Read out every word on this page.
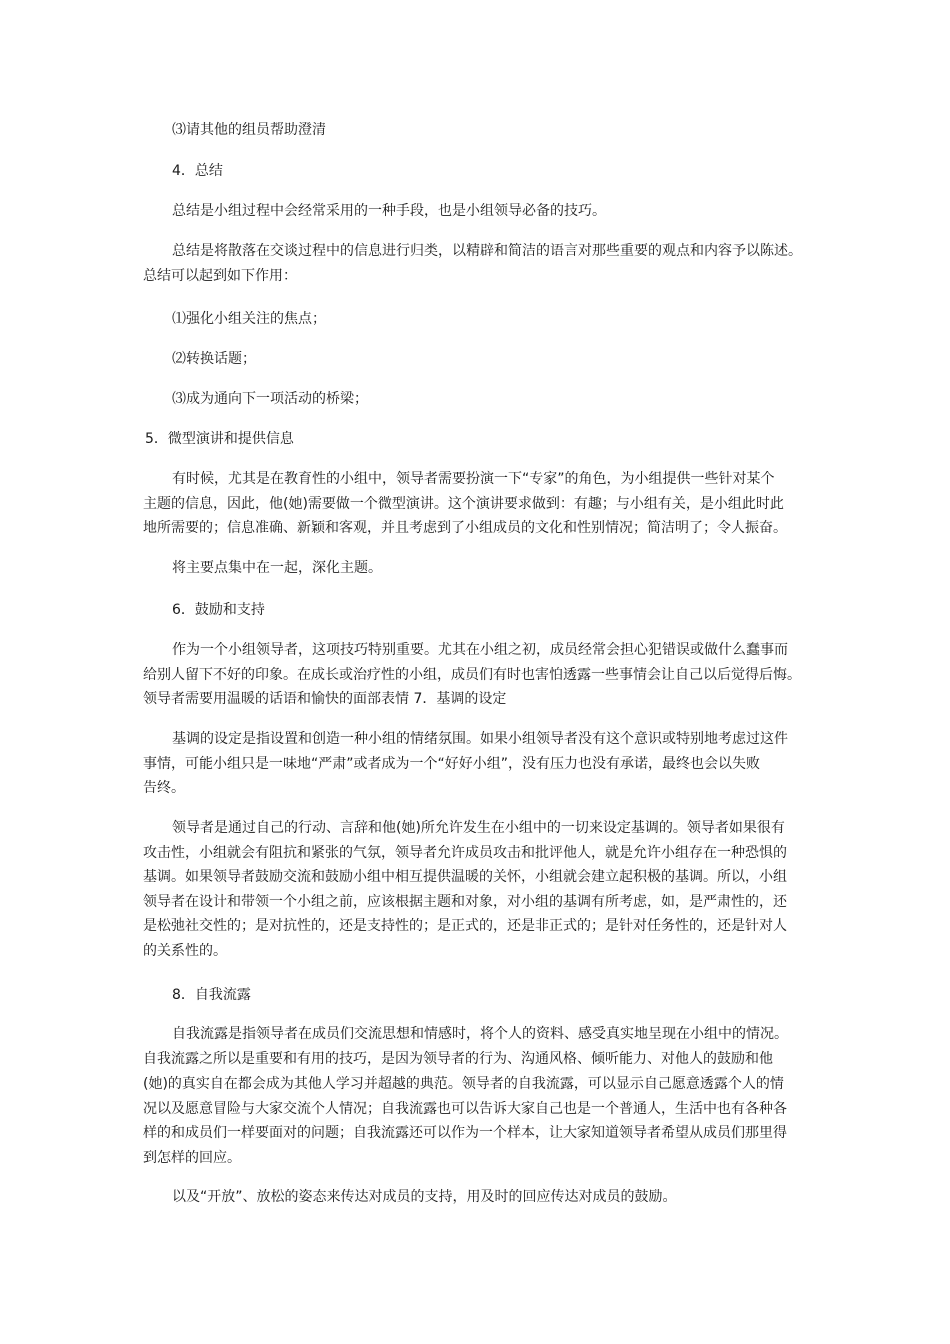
⑶请其他的组员帮助澄清

4．总结

总结是小组过程中会经常采用的一种手段，也是小组领导必备的技巧。

总结是将散落在交谈过程中的信息进行归类，以精辟和简洁的语言对那些重要的观点和内容予以陈述。
总结可以起到如下作用：

⑴强化小组关注的焦点；

⑵转换话题；

⑶成为通向下一项活动的桥梁；

5．微型演讲和提供信息

有时候，尤其是在教育性的小组中，领导者需要扮演一下“专家”的角色，为小组提供一些针对某个
主题的信息，因此，他(她)需要做一个微型演讲。这个演讲要求做到：有趣；与小组有关，是小组此时此
地所需要的；信息准确、新颖和客观，并且考虑到了小组成员的文化和性别情况；简洁明了；令人振奋。

将主要点集中在一起，深化主题。

6．鼓励和支持

作为一个小组领导者，这项技巧特别重要。尤其在小组之初，成员经常会担心犯错误或做什么蠢事而
给别人留下不好的印象。在成长或治疗性的小组，成员们有时也害怕透露一些事情会让自己以后觉得后悔。
领导者需要用温暖的话语和愉快的面部表情 7．基调的设定

基调的设定是指设置和创造一种小组的情绪氛围。如果小组领导者没有这个意识或特别地考虑过这件
事情，可能小组只是一味地“严肃”或者成为一个“好好小组”，没有压力也没有承诺，最终也会以失败
告终。

领导者是通过自己的行动、言辞和他(她)所允许发生在小组中的一切来设定基调的。领导者如果很有
攻击性，小组就会有阻抗和紧张的气氛，领导者允许成员攻击和批评他人，就是允许小组存在一种恐惧的
基调。如果领导者鼓励交流和鼓励小组中相互提供温暖的关怀，小组就会建立起积极的基调。所以，小组
领导者在设计和带领一个小组之前，应该根据主题和对象，对小组的基调有所考虑，如，是严肃性的，还
是松弛社交性的；是对抗性的，还是支持性的；是正式的，还是非正式的；是针对任务性的，还是针对人
的关系性的。

8．自我流露

自我流露是指领导者在成员们交流思想和情感时，将个人的资料、感受真实地呈现在小组中的情况。
自我流露之所以是重要和有用的技巧，是因为领导者的行为、沟通风格、倾听能力、对他人的鼓励和他

(她)的真实自在都会成为其他人学习并超越的典范。领导者的自我流露，可以显示自己愿意透露个人的情
况以及愿意冒险与大家交流个人情况；自我流露也可以告诉大家自己也是一个普通人，生活中也有各种各
样的和成员们一样要面对的问题；自我流露还可以作为一个样本，让大家知道领导者希望从成员们那里得
到怎样的回应。

以及“开放”、放松的姿态来传达对成员的支持，用及时的回应传达对成员的鼓励。
